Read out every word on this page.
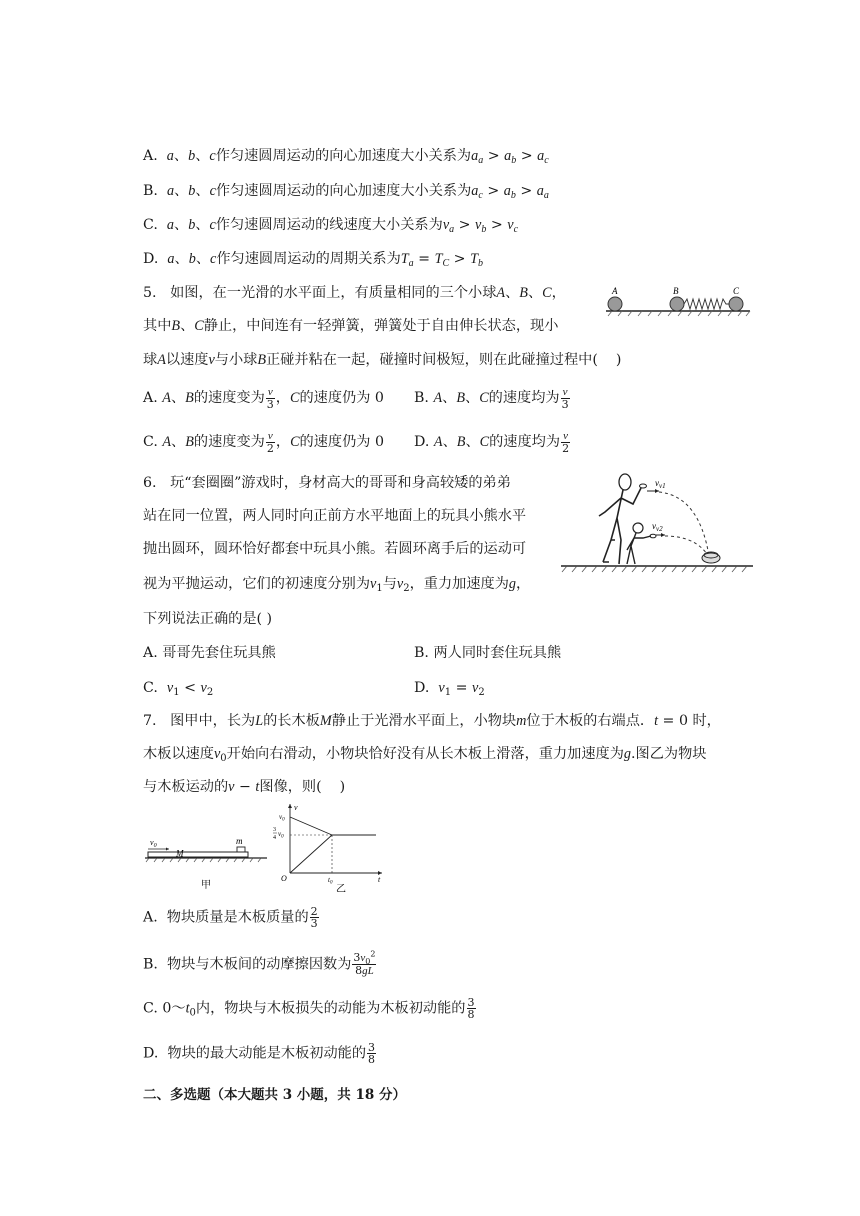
A. a、b、c作匀速圆周运动的向心加速度大小关系为$a_a > a_b > a_c$
B. a、b、c作匀速圆周运动的向心加速度大小关系为$a_c > a_b > a_a$
C. a、b、c作匀速圆周运动的线速度大小关系为$v_a > v_b > v_c$
D. a、b、c作匀速圆周运动的周期关系为$T_a = T_C > T_b$
5.   如图，在一光滑的水平面上，有质量相同的三个小球A、B、C，
其中B、C静止，中间连有一轻弹簧，弹簧处于自由伸长状态，现小
球A以速度v与小球B正碰并粘在一起，碰撞时间极短，则在此碰撞过程中(    )
A	B	C
A. A、B的速度变为 $\frac{v}{3}$ ，C的速度仍为 0 B. A、B、C的速度均为 $\frac{v}{3}$
C. A、B的速度变为 $\frac{v}{2}$ ，C的速度仍为 0 D. A、B、C的速度均为 $\frac{v}{2}$
6.   玩“套圈圈”游戏时，身材高大的哥哥和身高较矮的弟弟
站在同一位置，两人同时向正前方水平地面上的玩具小熊水平
抛出圆环，圆环恰好都套中玩具小熊。若圆环离手后的运动可
视为平抛运动，它们的初速度分别为$v_1$与$v_2$，重力加速度为g，
下列说法正确的是( )
$v_{v1}$
$v_{v2}$
A. 哥哥先套住玩具熊	B. 两人同时套住玩具熊
C.  $v_1 < v_2$	D.  $v_1 = v_2$
7.   图甲中，长为L的长木板M静止于光滑水平面上，小物块m位于木板的右端点．t = 0 时，
木板以速度$v_0$开始向右滑动，小物块恰好没有从长木板上滑落，重力加速度为g.图乙为物块
与木板运动的v − t图像，则(    )
$v_0$	m
M
甲
v
t
O
$v_0$
3
4 $v_0$
$t_0$
乙
A.  物块质量是木板质量的 $\frac{2}{3}$
B.  物块与木板间的动摩擦因数为 $\frac{3v_0^2}{8gL}$
C. $0\sim t_0$内，物块与木板损失的动能为木板初动能的 $\frac{3}{8}$
D.  物块的最大动能是木板初动能的 $\frac{3}{8}$
二、多选题（本大题共 3 小题，共 18 分）
